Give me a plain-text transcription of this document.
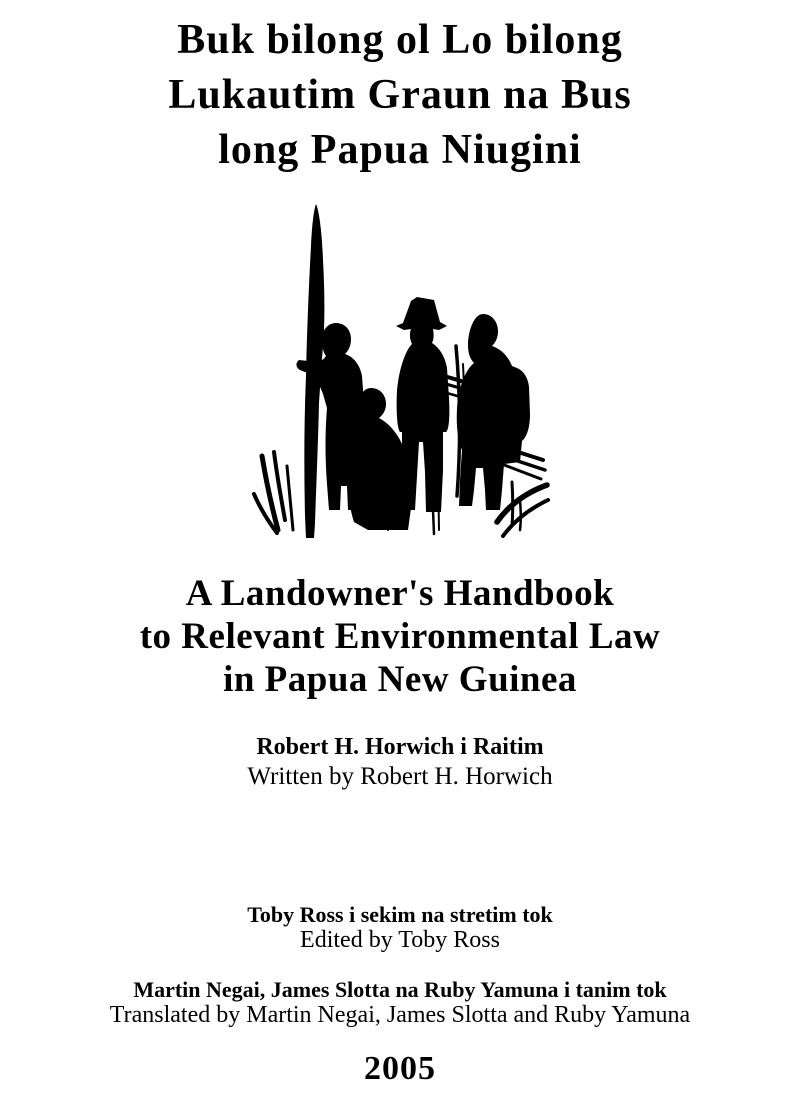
Buk bilong ol Lo bilong
Lukautim Graun na Bus
long Papua Niugini
A Landowner's Handbook
to Relevant Environmental Law
in Papua New Guinea
Robert H. Horwich i Raitim
Written by Robert H. Horwich
Toby Ross i sekim na stretim tok
Edited by Toby Ross
Martin Negai, James Slotta na Ruby Yamuna i tanim tok
Translated by Martin Negai, James Slotta and Ruby Yamuna
2005
